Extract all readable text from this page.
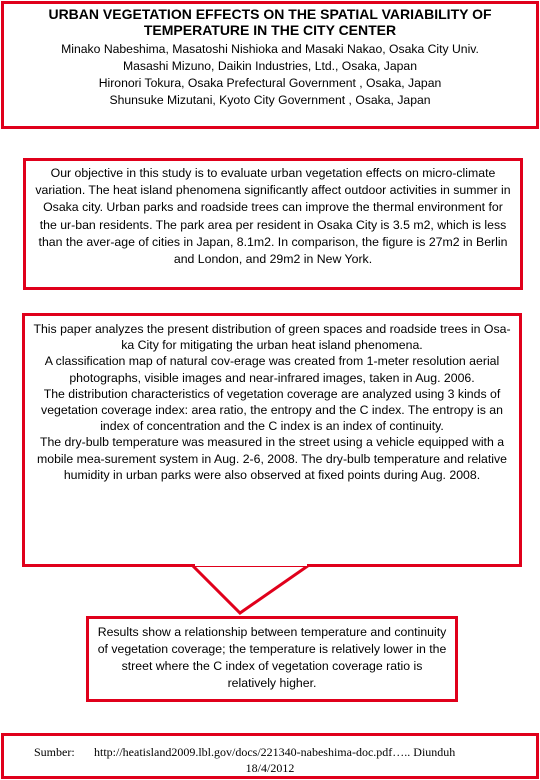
URBAN VEGETATION EFFECTS ON THE SPATIAL VARIABILITY OF
TEMPERATURE IN THE CITY CENTER
Minako Nabeshima, Masatoshi Nishioka and Masaki Nakao, Osaka City Univ.
Masashi Mizuno, Daikin Industries, Ltd., Osaka, Japan
Hironori Tokura, Osaka Prefectural Government , Osaka, Japan
Shunsuke Mizutani, Kyoto City Government , Osaka, Japan
Our objective in this study is to evaluate urban vegetation effects on micro-climate variation. The heat island phenomena significantly affect outdoor activities in summer in Osaka city. Urban parks and roadside trees can improve the thermal environment for the ur-ban residents. The park area per resident in Osaka City is 3.5 m2, which is less than the aver-age of cities in Japan, 8.1m2. In comparison, the figure is 27m2 in Berlin and London, and 29m2 in New York.
This paper analyzes the present distribution of green spaces and roadside trees in Osa-ka City for mitigating the urban heat island phenomena.
A classification map of natural cov-erage was created from 1-meter resolution aerial photographs, visible images and near-infrared images, taken in Aug. 2006.
The distribution characteristics of vegetation coverage are analyzed using 3 kinds of vegetation coverage index: area ratio, the entropy and the C index. The entropy is an index of concentration and the C index is an index of continuity.
The dry-bulb temperature was measured in the street using a vehicle equipped with a mobile mea-surement system in Aug. 2-6, 2008. The dry-bulb temperature and relative humidity in urban parks were also observed at fixed points during Aug. 2008.
Results show a relationship between temperature and continuity of vegetation coverage; the temperature is relatively lower in the street where the C index of vegetation coverage ratio is relatively higher.
Sumber: http://heatisland2009.lbl.gov/docs/221340-nabeshima-doc.pdf….. Diunduh
18/4/2012
